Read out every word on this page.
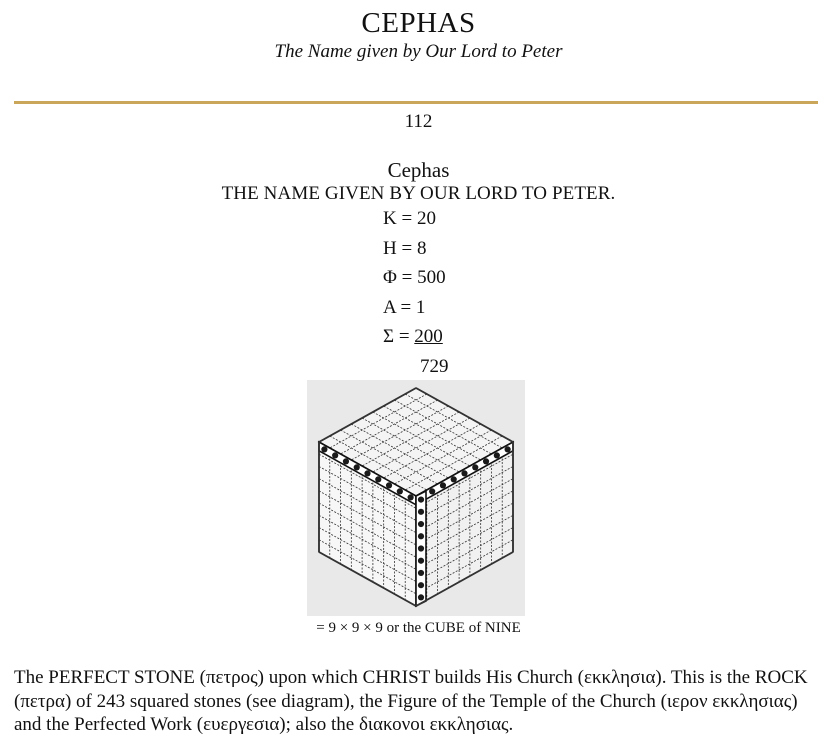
CEPHAS
The Name given by Our Lord to Peter
112
Cephas
THE NAME GIVEN BY OUR LORD TO PETER.
K = 20
H = 8
Φ = 500
A = 1
Σ = 200
729
= 9 × 9 × 9 or the CUBE of NINE
The PERFECT STONE (πετρος) upon which CHRIST builds His Church (εκκλησια). This is the ROCK (πετρα) of 243 squared stones (see diagram), the Figure of the Temple of the Church (ιερον εκκλησιας) and the Perfected Work (ευεργεσια); also the διακονοι εκκλησιας.
